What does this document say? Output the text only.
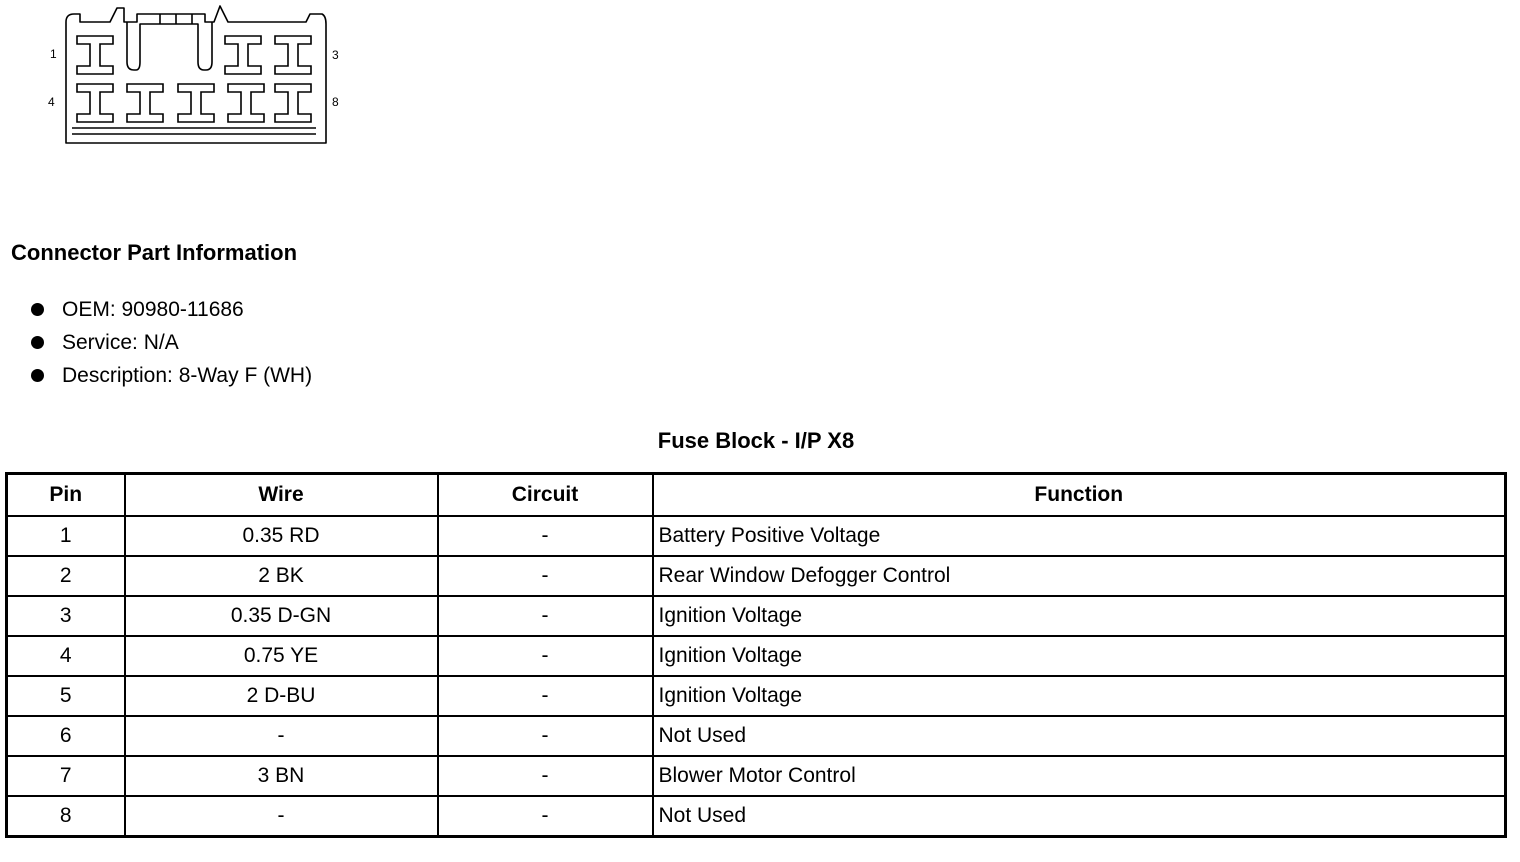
1	3
4	8
Connector Part Information
OEM: 90980-11686
Service: N/A
Description: 8-Way F (WH)
Fuse Block - I/P X8
Pin	Wire	Circuit	Function
1	0.35 RD	-	Battery Positive Voltage
2	2 BK	-	Rear Window Defogger Control
3	0.35 D-GN	-	Ignition Voltage
4	0.75 YE	-	Ignition Voltage
5	2 D-BU	-	Ignition Voltage
6	-	-	Not Used
7	3 BN	-	Blower Motor Control
8	-	-	Not Used
